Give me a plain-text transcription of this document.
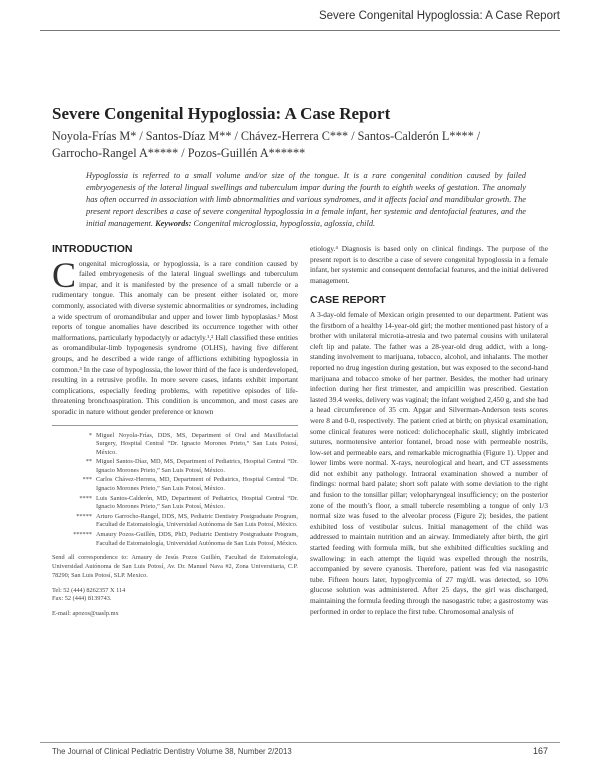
Severe Congenital Hypoglossia: A Case Report
Severe Congenital Hypoglossia: A Case Report
Noyola-Frías M* / Santos-Díaz M** / Chávez-Herrera C*** / Santos-Calderón L**** /
Garrocho-Rangel A***** / Pozos-Guillén A******
Hypoglossia is referred to a small volume and/or size of the tongue. It is a rare congenital condition caused by failed embryogenesis of the lateral lingual swellings and tuberculum impar during the fourth to eighth weeks of gestation. The anomaly has often occurred in association with limb abnormalities and various syndromes, and it affects facial and mandibular growth. The present report describes a case of severe congenital hypoglossia in a female infant, her systemic and dentofacial features, and the initial management. Keywords: Congenital microglossia, hypoglossia, aglossia, child.
INTRODUCTION

Congenital microglossia, or hypoglossia, is a rare condition caused by failed embryogenesis of the lateral lingual swellings and tuberculum impar, and it is manifested by the presence of a small tubercle or a rudimentary tongue. This anomaly can be present either isolated or, more commonly, associated with diverse systemic abnormalities or syndromes, including a wide spectrum of oromandibular and upper and lower limb hypoplasias.¹ Most reports of tongue anomalies have described its occurrence together with other malformations, particularly hypodactyly or adactyly.¹,² Hall classified these entities as oromandibular-limb hypogenesis syndrome (OLHS), having five different groups, and he described a wide range of afflictions exhibiting hypoglossia in common.³ In the case of hypoglossia, the lower third of the face is underdeveloped, resulting in a retrusive profile. In more severe cases, infants exhibit important complications, especially feeding problems, with repetitive episodes of life-threatening bronchoaspiration. This condition is uncommon, and most cases are sporadic in nature without gender preference or known

* Miguel Noyola-Frías, DDS, MS, Department of Oral and Maxillofacial Surgery, Hospital Central “Dr. Ignacio Morones Prieto,” San Luis Potosí, México.
** Miguel Santos-Díaz, MD, MS, Department of Pediatrics, Hospital Central “Dr. Ignacio Morones Prieto,” San Luis Potosí, México.
*** Carlos Chávez-Herrera, MD, Department of Pediatrics, Hospital Central “Dr. Ignacio Morones Prieto,” San Luis Potosí, México.
**** Luis Santos-Calderón, MD, Department of Pediatrics, Hospital Central “Dr. Ignacio Morones Prieto,” San Luis Potosí, México.
***** Arturo Garrocho-Rangel, DDS, MS, Pediatric Dentistry Postgraduate Program, Facultad de Estomatología, Universidad Autónoma de San Luis Potosí, México.
****** Amaury Pozos-Guillén, DDS, PhD, Pediatric Dentistry Postgraduate Program, Facultad de Estomatología, Universidad Autónoma de San Luis Potosí, México.
Send all correspondence to: Amaury de Jesús Pozos Guillén, Facultad de Estomatología, Universidad Autónoma de San Luis Potosí, Av. Dr. Manuel Nava #2, Zona Universitaria, C.P. 78290; San Luis Potosí, SLP. Mexico.
Tel: 52 (444) 8262357 X 114
Fax: 52 (444) 8139743.
E-mail: apozos@uaslp.mx

etiology.⁴ Diagnosis is based only on clinical findings. The purpose of the present report is to describe a case of severe congenital hypoglossia in a female infant, her systemic and consequent dentofacial features, and the initial delivered management.

CASE REPORT

A 3-day-old female of Mexican origin presented to our department. Patient was the firstborn of a healthy 14-year-old girl; the mother mentioned past history of a brother with unilateral microtia-atresia and two paternal cousins with unilateral cleft lip and palate. The father was a 28-year-old drug addict, with a long-standing involvement to marijuana, tobacco, alcohol, and inhalants. The mother reported no drug ingestion during gestation, but was exposed to the second-hand marijuana and tobacco smoke of her partner. Besides, the mother had urinary infection during her first trimester, and ampicillin was prescribed. Gestation lasted 39.4 weeks, delivery was vaginal; the infant weighed 2,450 g, and she had a head circumference of 35 cm. Apgar and Silverman-Anderson tests scores were 8 and 0-0, respectively. The patient cried at birth; on physical examination, some clinical features were noticed: dolichocephalic skull, slightly imbricated sutures, normotensive anterior fontanel, broad nose with permeable nostrils, low-set and permeable ears, and remarkable micrognathia (Figure 1). Upper and lower limbs were normal. X-rays, neurological and heart, and CT assessments did not exhibit any pathology. Intraoral examination showed a number of findings: normal hard palate; short soft palate with some deviation to the right and fusion to the tonsillar pillar; velopharyngeal insufficiency; on the posterior zone of the mouth’s floor, a small tubercle resembling a tongue of only 1/3 normal size was fused to the alveolar process (Figure 2); besides, the patient exhibited loss of vestibular sulcus. Initial management of the child was addressed to maintain nutrition and an airway. Immediately after birth, the girl started feeding with formula milk, but she exhibited difficulties suckling and swallowing: in each attempt the liquid was expelled through the nostrils, accompanied by severe cyanosis. Therefore, patient was fed via nasogastric tube. Fifteen hours later, hypoglycemia of 27 mg/dL was detected, so 10% glucose solution was administered. After 25 days, the girl was discharged, maintaining the formula feeding through the nasogastric tube; a gastrostomy was performed in order to replace the first tube. Chromosomal analysis of

The Journal of Clinical Pediatric Dentistry Volume 38, Number 2/2013	167
